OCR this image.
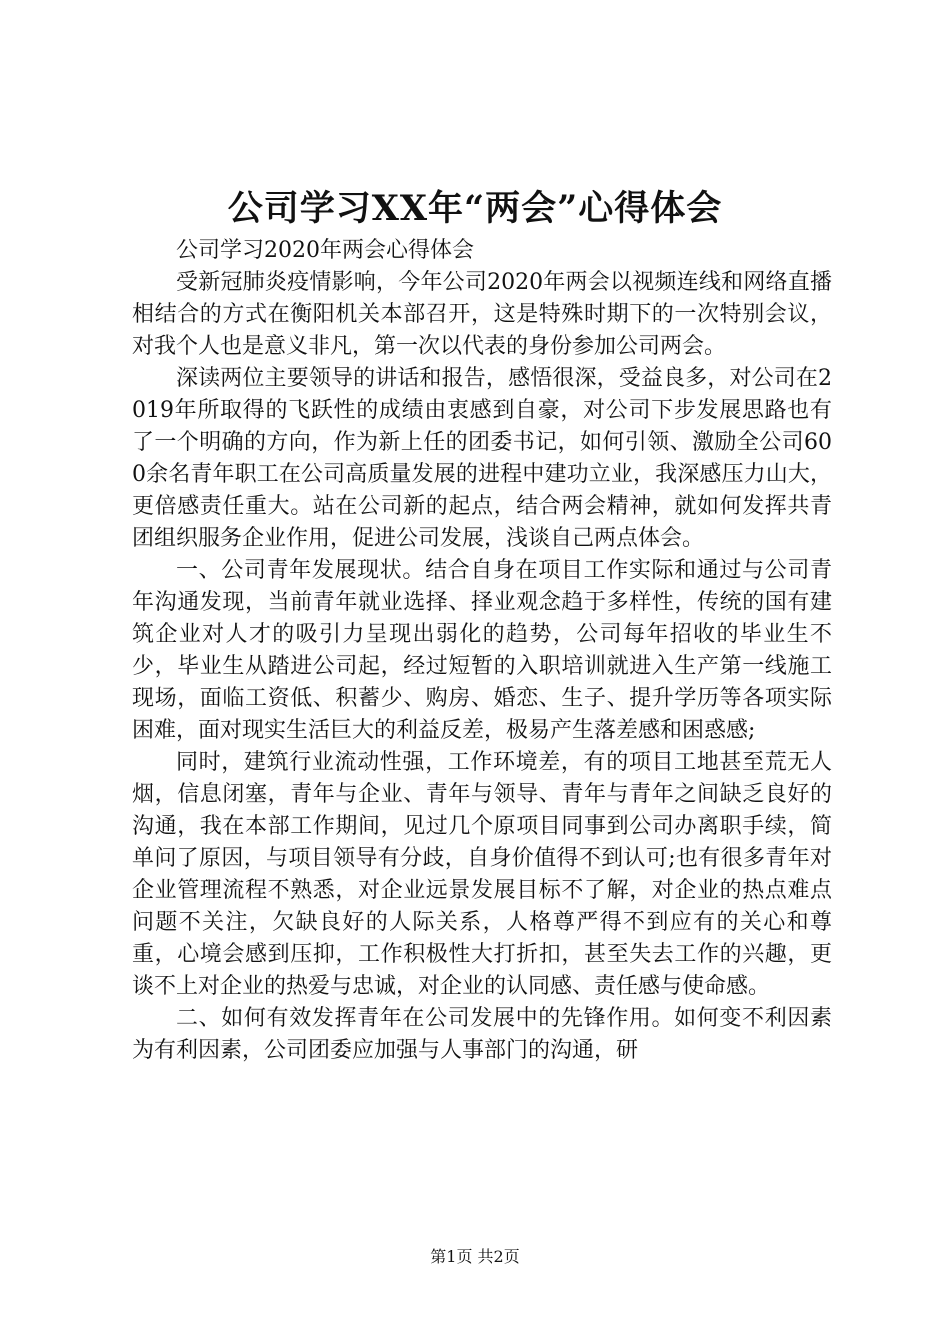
公司学习XX年“两会”心得体会

公司学习2020年两会心得体会

受新冠肺炎疫情影响，今年公司2020年两会以视频连线和网络直播相结合的方式在衡阳机关本部召开，这是特殊时期下的一次特别会议，对我个人也是意义非凡，第一次以代表的身份参加公司两会。

深读两位主要领导的讲话和报告，感悟很深，受益良多，对公司在2019年所取得的飞跃性的成绩由衷感到自豪，对公司下步发展思路也有了一个明确的方向，作为新上任的团委书记，如何引领、激励全公司600余名青年职工在公司高质量发展的进程中建功立业，我深感压力山大，更倍感责任重大。站在公司新的起点，结合两会精神，就如何发挥共青团组织服务企业作用，促进公司发展，浅谈自己两点体会。

一、公司青年发展现状。结合自身在项目工作实际和通过与公司青年沟通发现，当前青年就业选择、择业观念趋于多样性，传统的国有建筑企业对人才的吸引力呈现出弱化的趋势，公司每年招收的毕业生不少，毕业生从踏进公司起，经过短暂的入职培训就进入生产第一线施工现场，面临工资低、积蓄少、购房、婚恋、生子、提升学历等各项实际困难，面对现实生活巨大的利益反差，极易产生落差感和困惑感;

同时，建筑行业流动性强，工作环境差，有的项目工地甚至荒无人烟，信息闭塞，青年与企业、青年与领导、青年与青年之间缺乏良好的沟通，我在本部工作期间，见过几个原项目同事到公司办离职手续，简单问了原因，与项目领导有分歧，自身价值得不到认可;也有很多青年对企业管理流程不熟悉，对企业远景发展目标不了解，对企业的热点难点问题不关注，欠缺良好的人际关系，人格尊严得不到应有的关心和尊重，心境会感到压抑，工作积极性大打折扣，甚至失去工作的兴趣，更谈不上对企业的热爱与忠诚，对企业的认同感、责任感与使命感。

二、如何有效发挥青年在公司发展中的先锋作用。如何变不利因素为有利因素，公司团委应加强与人事部门的沟通，研

第1页 共2页
